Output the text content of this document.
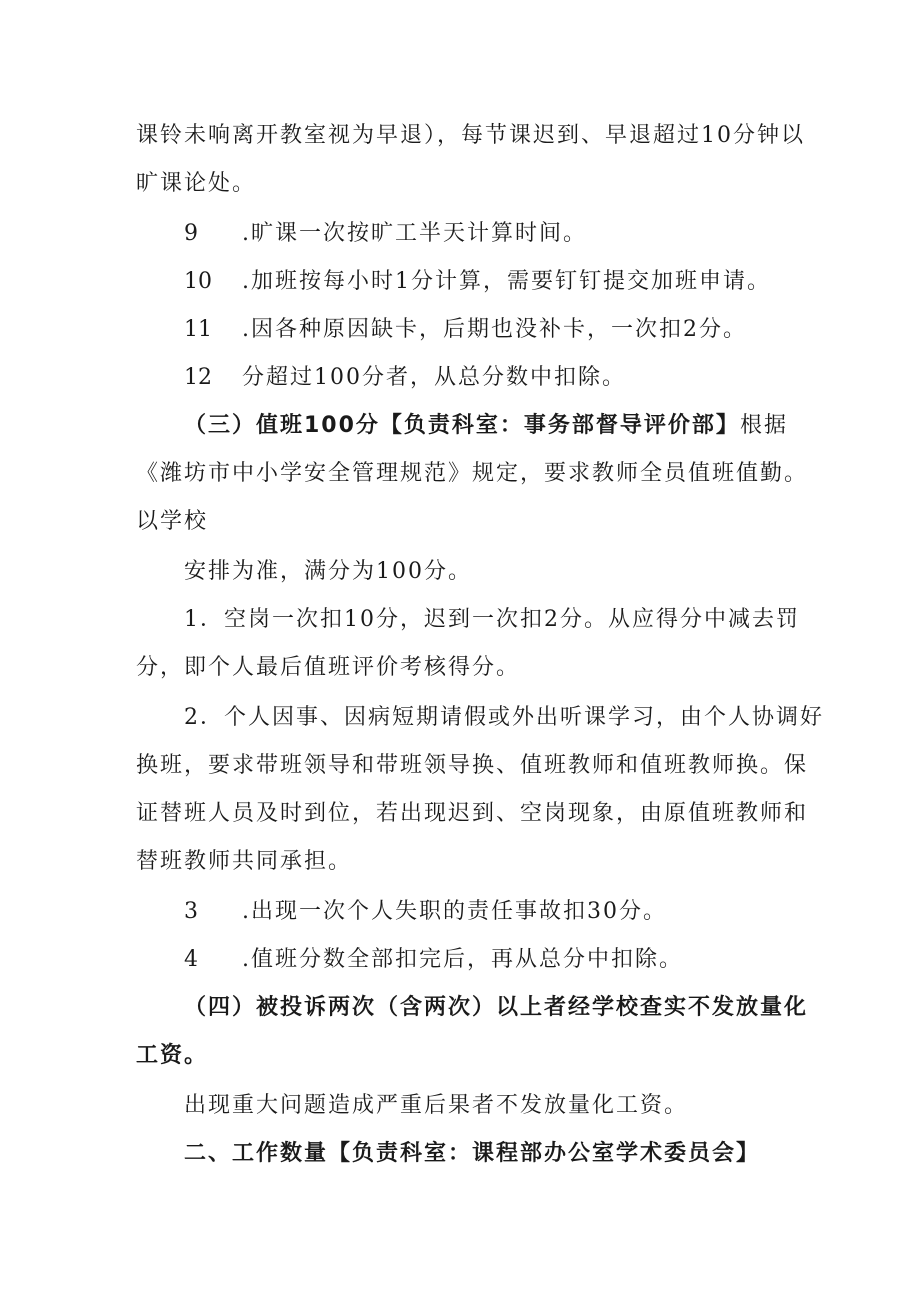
课铃未响离开教室视为早退），每节课迟到、早退超过10分钟以
旷课论处。
9 .旷课一次按旷工半天计算时间。
10 .加班按每小时1分计算，需要钉钉提交加班申请。
11 .因各种原因缺卡，后期也没补卡，一次扣2分。
12 分超过100分者，从总分数中扣除。
（三）值班100分【负责科室：事务部督导评价部】根据
《潍坊市中小学安全管理规范》规定，要求教师全员值班值勤。
以学校
安排为准，满分为100分。
1．空岗一次扣10分，迟到一次扣2分。从应得分中减去罚
分，即个人最后值班评价考核得分。
2．个人因事、因病短期请假或外出听课学习，由个人协调好
换班，要求带班领导和带班领导换、值班教师和值班教师换。保
证替班人员及时到位，若出现迟到、空岗现象，由原值班教师和
替班教师共同承担。
3 .出现一次个人失职的责任事故扣30分。
4 .值班分数全部扣完后，再从总分中扣除。
（四）被投诉两次（含两次）以上者经学校查实不发放量化
工资。
出现重大问题造成严重后果者不发放量化工资。
二、工作数量【负责科室：课程部办公室学术委员会】
